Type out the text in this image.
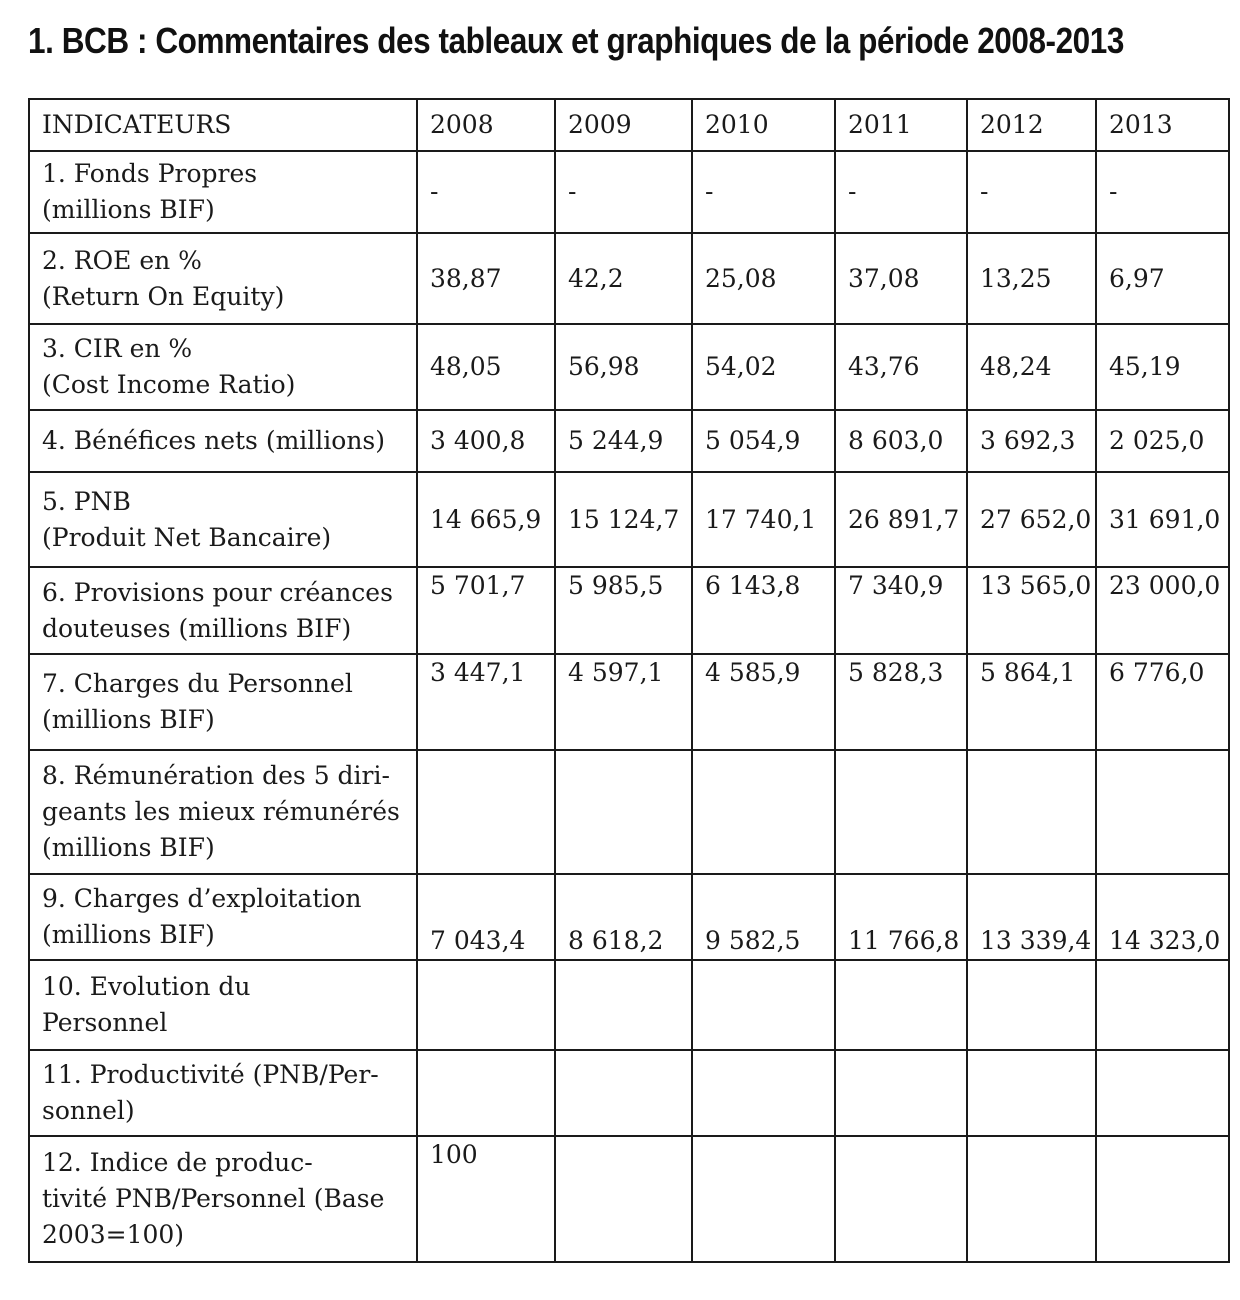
1. BCB : Commentaires des tableaux et graphiques de la période 2008-2013
INDICATEURS	2008	2009	2010	2011	2012	2013

1. Fonds Propres
(millions BIF)	-	-	-	-	-	-

2. ROE en %
(Return On Equity)	38,87	42,2	25,08	37,08	13,25	6,97

3. CIR en %
(Cost Income Ratio)	48,05	56,98	54,02	43,76	48,24	45,19

4. Bénéfices nets (millions)	3 400,8	5 244,9	5 054,9	8 603,0	3 692,3	2 025,0

5. PNB
(Produit Net Bancaire)	14 665,9	15 124,7	17 740,1	26 891,7	27 652,0	31 691,0

6. Provisions pour créances
douteuses (millions BIF)	5 701,7	5 985,5	6 143,8	7 340,9	13 565,0	23 000,0

7. Charges du Personnel
(millions BIF)	3 447,1	4 597,1	4 585,9	5 828,3	5 864,1	6 776,0

8. Rémunération des 5 diri-
geants les mieux rémunérés
(millions BIF)						

9. Charges d’exploitation
(millions BIF)	7 043,4	8 618,2	9 582,5	11 766,8	13 339,4	14 323,0

10. Evolution du
Personnel						

11. Productivité (PNB/Per-
sonnel)						

12. Indice de produc-
tivité PNB/Personnel (Base
2003=100)	100					
